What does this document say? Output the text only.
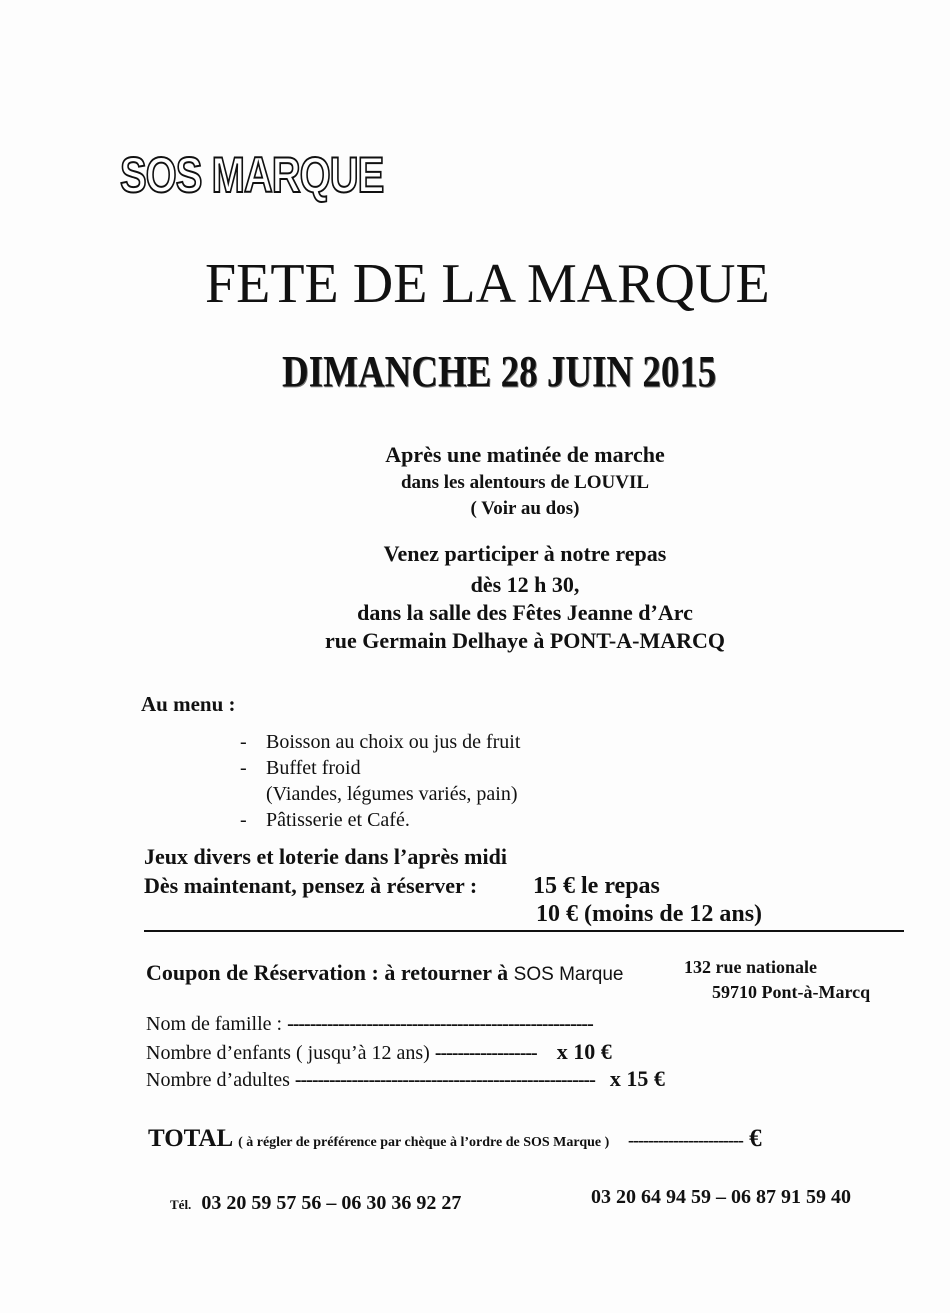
SOS MARQUE
FETE DE LA MARQUE
DIMANCHE 28 JUIN 2015
Après une matinée de marche
dans les alentours de LOUVIL
( Voir au dos)
Venez participer à notre repas
dès 12 h 30,
dans la salle des Fêtes Jeanne d’Arc
rue Germain Delhaye à PONT-A-MARCQ
Au menu :
- Boisson au choix ou jus de fruit
- Buffet froid
(Viandes, légumes variés, pain)
- Pâtisserie et Café.
Jeux divers et loterie dans l’après midi
Dès maintenant, pensez à réserver : 15 € le repas
10 € (moins de 12 ans)
Coupon de Réservation : à retourner à SOS Marque	132 rue nationale
59710 Pont-à-Marcq
Nom de famille : ------------------------------------------------------
Nombre d’enfants ( jusqu’à 12 ans) ------------------ x 10 €
Nombre d’adultes ----------------------------------------------------- x 15 €
TOTAL ( à régler de préférence par chèque à l’ordre de SOS Marque ) ----------------------- €
Tél. 03 20 59 57 56 – 06 30 36 92 27	03 20 64 94 59 – 06 87 91 59 40
